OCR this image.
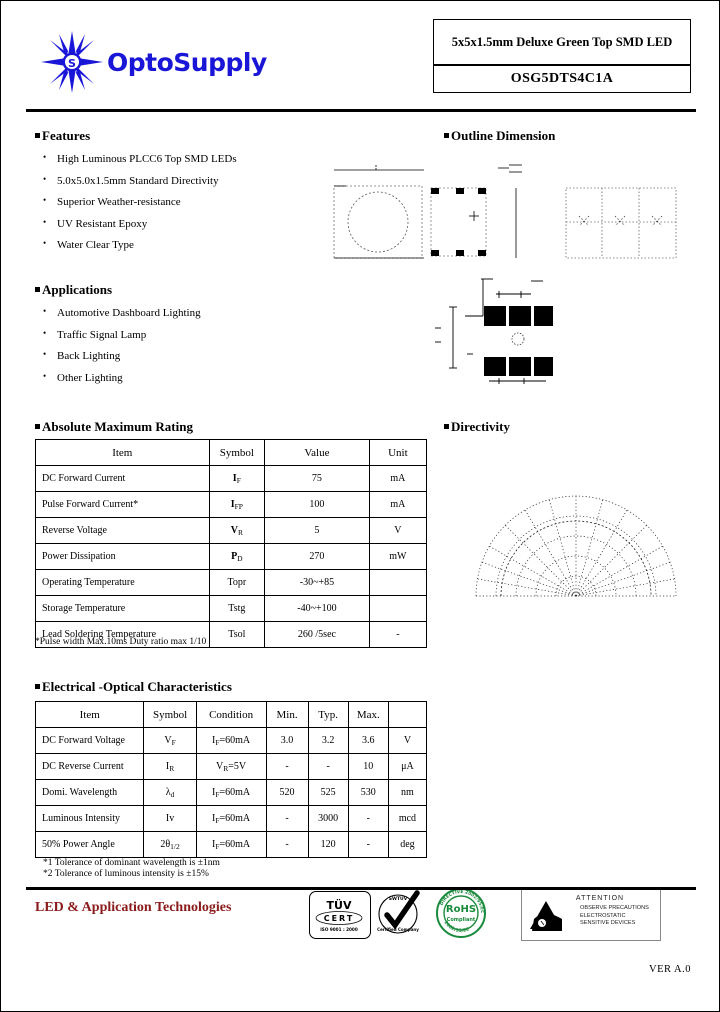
S OptoSupply
5x5x1.5mm Deluxe Green Top SMD LED
OSG5DTS4C1A
Features
• High Luminous PLCC6 Top SMD LEDs
• 5.0x5.0x1.5mm Standard Directivity
• Superior Weather-resistance
• UV Resistant Epoxy
• Water Clear Type
Applications
• Automotive Dashboard Lighting
• Traffic Signal Lamp
• Back Lighting
• Other Lighting
Outline Dimension
Absolute Maximum Rating
Item	Symbol	Value	Unit
DC Forward Current	$I_F$	75	mA
Pulse Forward Current*	$I_{FP}$	100	mA
Reverse Voltage	$V_R$	5	V
Power Dissipation	$P_D$	270	mW
Operating Temperature	Topr	-30~+85	
Storage Temperature	Tstg	-40~+100	
Lead Soldering Temperature	Tsol	260 /5sec	-
*Pulse width Max.10ms Duty ratio max 1/10
Directivity
Electrical -Optical Characteristics
Item	Symbol	Condition	Min.	Typ.	Max.	
DC Forward Voltage	$V_F$	$I_F=60mA$	3.0	3.2	3.6	V
DC Reverse Current	$I_R$	$V_R=5V$	-	-	10	μA
Domi. Wavelength	$\lambda_d$	$I_F=60mA$	520	525	530	nm
Luminous Intensity	Iv	$I_F=60mA$	-	3000	-	mcd
50% Power Angle	$2\theta_{1/2}$	$I_F=60mA$	-	120	-	deg
*1 Tolerance of dominant wavelength is ±1nm
*2 Tolerance of luminous intensity is ±15%
TÜV
CERT
ISO 9001 : 2000
SWTUV
Certified Company
RoHS
Compliant
DIRECTIVE 2002/95/EC
2002/95/EC
ATTENTION
OBSERVE PRECAUTIONS
ELECTROSTATIC
SENSITIVE DEVICES
LED & Application Technologies
VER A.0
